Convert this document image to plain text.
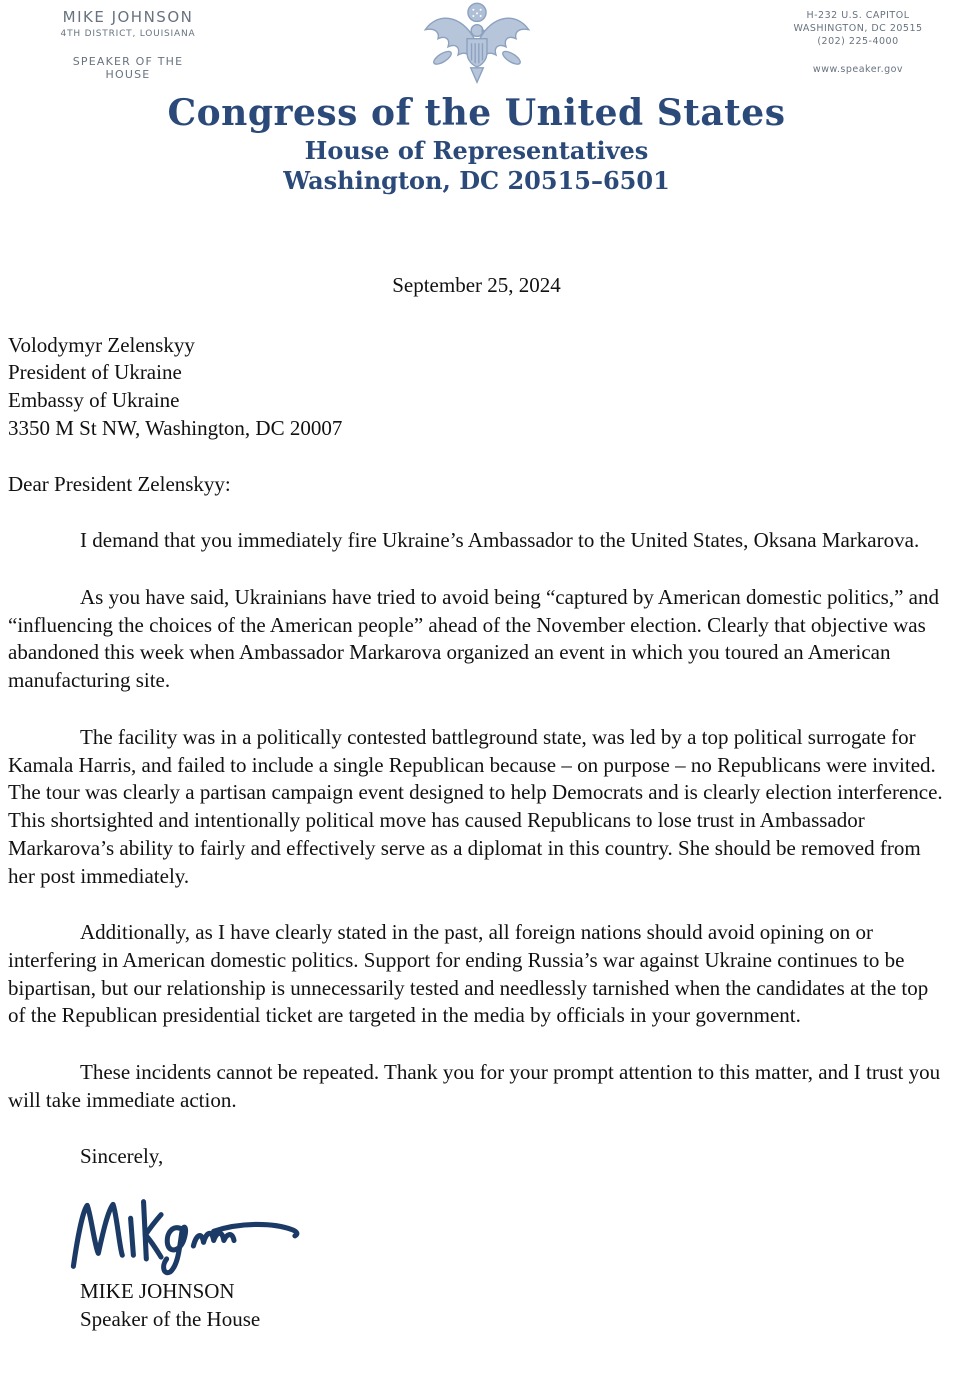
MIKE JOHNSON
4TH DISTRICT, LOUISIANA
SPEAKER OF THE HOUSE
H-232 U.S. CAPITOL
WASHINGTON, DC 20515
(202) 225-4000
www.speaker.gov
Congress of the United States
House of Representatives
Washington, DC 20515–6501
September 25, 2024
Volodymyr Zelenskyy
President of Ukraine
Embassy of Ukraine
3350 M St NW, Washington, DC 20007
Dear President Zelenskyy:

I demand that you immediately fire Ukraine’s Ambassador to the United States, Oksana Markarova.

As you have said, Ukrainians have tried to avoid being “captured by American domestic politics,” and “influencing the choices of the American people” ahead of the November election. Clearly that objective was abandoned this week when Ambassador Markarova organized an event in which you toured an American manufacturing site.

The facility was in a politically contested battleground state, was led by a top political surrogate for Kamala Harris, and failed to include a single Republican because – on purpose – no Republicans were invited. The tour was clearly a partisan campaign event designed to help Democrats and is clearly election interference. This shortsighted and intentionally political move has caused Republicans to lose trust in Ambassador Markarova’s ability to fairly and effectively serve as a diplomat in this country. She should be removed from her post immediately.

Additionally, as I have clearly stated in the past, all foreign nations should avoid opining on or interfering in American domestic politics. Support for ending Russia’s war against Ukraine continues to be bipartisan, but our relationship is unnecessarily tested and needlessly tarnished when the candidates at the top of the Republican presidential ticket are targeted in the media by officials in your government.

These incidents cannot be repeated. Thank you for your prompt attention to this matter, and I trust you will take immediate action.

Sincerely,
MIKE JOHNSON
Speaker of the House
